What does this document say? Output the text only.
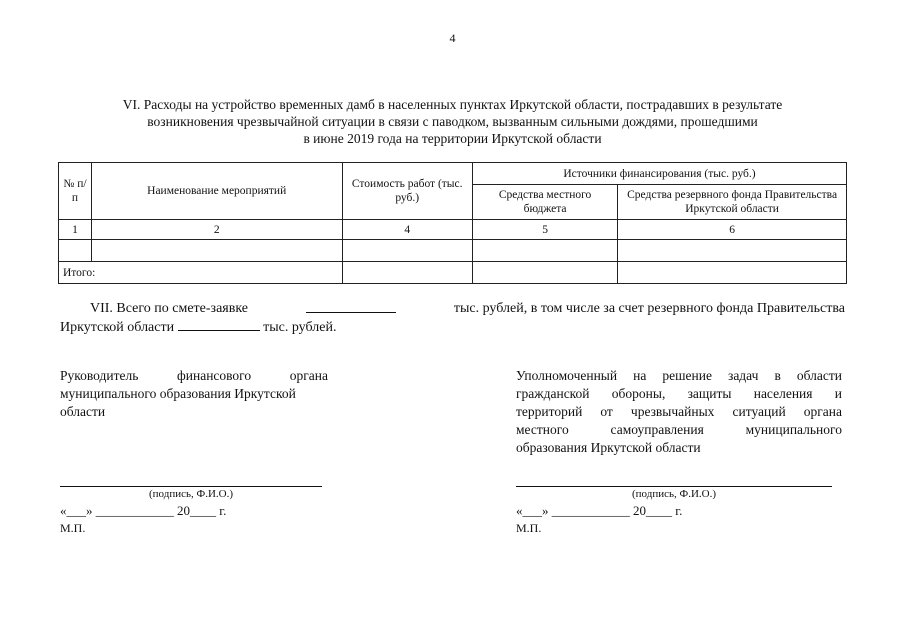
4
VI. Расходы на устройство временных дамб в населенных пунктах Иркутской области, пострадавших в результате
возникновения чрезвычайной ситуации в связи с паводком, вызванным сильными дождями, прошедшими
в июне 2019 года на территории Иркутской области
№ п/п	Наименование мероприятий	Стоимость работ (тыс. руб.)	Источники финансирования (тыс. руб.)	
			Средства местного бюджета	Средства резервного фонда Правительства Иркутской области
1	2	4	5	6

Итого:				
VII. Всего по смете-заявке	тыс. рублей, в том числе за счет резервного фонда Правительства
Иркутской области	тыс. рублей.
Руководитель	финансового	органа
муниципального образования Иркутской
области
Уполномоченный на решение задач в области
гражданской обороны, защиты населения и
территорий от чрезвычайных ситуаций органа
местного	самоуправления	муниципального
образования Иркутской области
(подпись, Ф.И.О.)
«___» ____________ 20____ г.
М.П.
(подпись, Ф.И.О.)
«___» ____________ 20____ г.
М.П.
